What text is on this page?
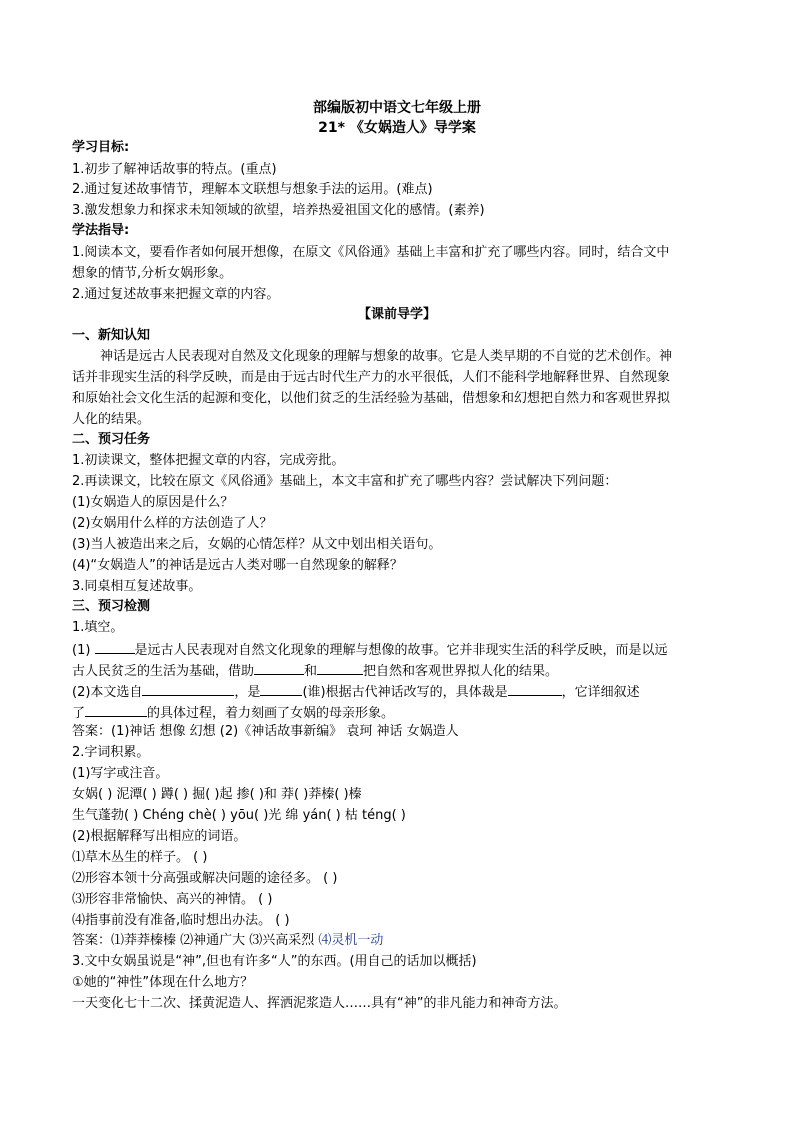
部编版初中语文七年级上册
21* 《女娲造人》导学案
学习目标:
1.初步了解神话故事的特点。(重点)
2.通过复述故事情节，理解本文联想与想象手法的运用。(难点)
3.激发想象力和探求未知领域的欲望，培养热爱祖国文化的感情。(素养)
学法指导:
1.阅读本文，要看作者如何展开想像，在原文《风俗通》基础上丰富和扩充了哪些内容。同时，结合文中
想象的情节,分析女娲形象。
2.通过复述故事来把握文章的内容。
【课前导学】
一、新知认知
神话是远古人民表现对自然及文化现象的理解与想象的故事。它是人类早期的不自觉的艺术创作。神
话并非现实生活的科学反映，而是由于远古时代生产力的水平很低，人们不能科学地解释世界、自然现象
和原始社会文化生活的起源和变化，以他们贫乏的生活经验为基础，借想象和幻想把自然力和客观世界拟
人化的结果。
二、预习任务
1.初读课文，整体把握文章的内容，完成旁批。
2.再读课文，比较在原文《风俗通》基础上，本文丰富和扩充了哪些内容？尝试解决下列问题：
(1)女娲造人的原因是什么？
(2)女娲用什么样的方法创造了人？
(3)当人被造出来之后，女娲的心情怎样？从文中划出相关语句。
(4)“女娲造人”的神话是远古人类对哪一自然现象的解释？
3.同桌相互复述故事。
三、预习检测
1.填空。
(1)	是远古人民表现对自然文化现象的理解与想像的故事。它并非现实生活的科学反映，而是以远
古人民贫乏的生活为基础，借助	和	把自然和客观世界拟人化的结果。
(2)本文选自	，是	(谁)根据古代神话改写的，具体裁是	，它详细叙述
了	的具体过程，着力刻画了女娲的母亲形象。
答案：(1)神话 想像 幻想 (2)《神话故事新编》 袁珂 神话 女娲造人
2.字词积累。
(1)写字或注音。
女娲( ) 泥潭( ) 蹲( ) 掘( )起 掺( )和 莽( )莽榛( )榛
生气蓬勃( ) Chéng chè( ) yōu( )光 绵 yán( ) 枯 téng( )
(2)根据解释写出相应的词语。
⑴草木丛生的样子。 ( )
⑵形容本领十分高强或解决问题的途径多。 ( )
⑶形容非常愉快、高兴的神情。 ( )
⑷指事前没有准备,临时想出办法。 ( )
答案：⑴莽莽榛榛 ⑵神通广大 ⑶兴高采烈 ⑷灵机一动
3.文中女娲虽说是“神”,但也有许多“人”的东西。(用自己的话加以概括)
①她的“神性”体现在什么地方？
一天变化七十二次、揉黄泥造人、挥洒泥浆造人……具有“神”的非凡能力和神奇方法。
